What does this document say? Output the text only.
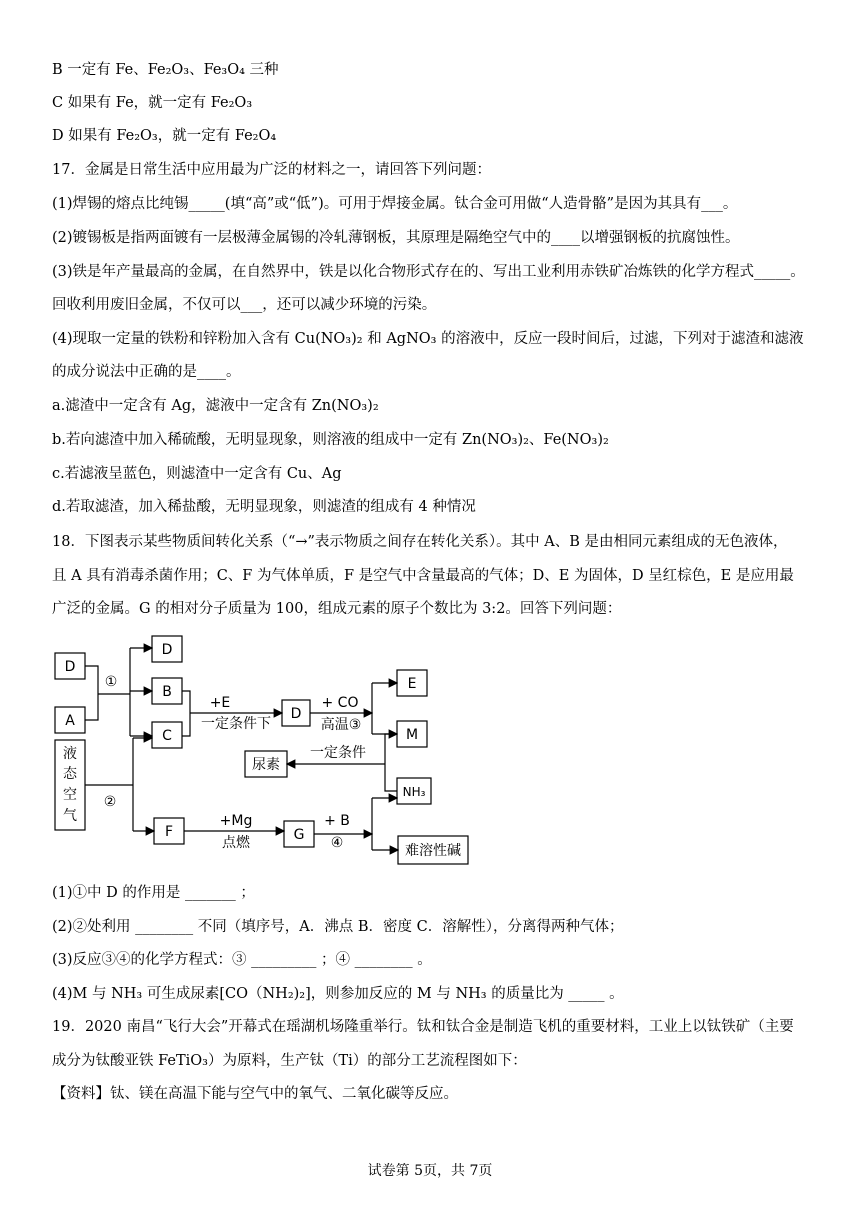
B 一定有 Fe、Fe₂O₃、Fe₃O₄ 三种
C 如果有 Fe，就一定有 Fe₂O₃
D 如果有 Fe₂O₃，就一定有 Fe₂O₄
17．金属是日常生活中应用最为广泛的材料之一，请回答下列问题：
(1)焊锡的熔点比纯锡_____(填“高”或“低”)。可用于焊接金属。钛合金可用做“人造骨骼”是因为其具有___。
(2)镀锡板是指两面镀有一层极薄金属锡的冷轧薄钢板，其原理是隔绝空气中的____以增强钢板的抗腐蚀性。
(3)铁是年产量最高的金属，在自然界中，铁是以化合物形式存在的、写出工业利用赤铁矿冶炼铁的化学方程式_____。
回收利用废旧金属，不仅可以___，还可以减少环境的污染。
(4)现取一定量的铁粉和锌粉加入含有 Cu(NO₃)₂ 和 AgNO₃ 的溶液中，反应一段时间后，过滤，下列对于滤渣和滤液
的成分说法中正确的是____。
a.滤渣中一定含有 Ag，滤液中一定含有 Zn(NO₃)₂
b.若向滤渣中加入稀硫酸，无明显现象，则溶液的组成中一定有 Zn(NO₃)₂、Fe(NO₃)₂
c.若滤液呈蓝色，则滤渣中一定含有 Cu、Ag
d.若取滤渣，加入稀盐酸，无明显现象，则滤渣的组成有 4 种情况
18．下图表示某些物质间转化关系（“→”表示物质之间存在转化关系）。其中 A、B 是由相同元素组成的无色液体，
且 A 具有消毒杀菌作用；C、F 为气体单质，F 是空气中含量最高的气体；D、E 为固体，D 呈红棕色，E 是应用最
广泛的金属。G 的相对分子质量为 100，组成元素的原子个数比为 3:2。回答下列问题：
D
A
液
态
空
气
D
B
C
F
D
G
E
M
NH₃
尿素
难溶性碱
①
②
+E
一定条件下
+ CO
高温③
一定条件
+Mg
点燃
+ B
④
(1)①中 D 的作用是 _______ ；
(2)②处利用 ________ 不同（填序号，A．沸点 B．密度 C．溶解性），分离得两种气体；
(3)反应③④的化学方程式：③ _________ ；④ ________ 。
(4)M 与 NH₃ 可生成尿素[CO（NH₂)₂]，则参加反应的 M 与 NH₃ 的质量比为 _____ 。
19．2020 南昌“飞行大会”开幕式在瑶湖机场隆重举行。钛和钛合金是制造飞机的重要材料，工业上以钛铁矿（主要
成分为钛酸亚铁 FeTiO₃）为原料，生产钛（Ti）的部分工艺流程图如下：
【资料】钛、镁在高温下能与空气中的氧气、二氧化碳等反应。
试卷第 5页，共 7页
